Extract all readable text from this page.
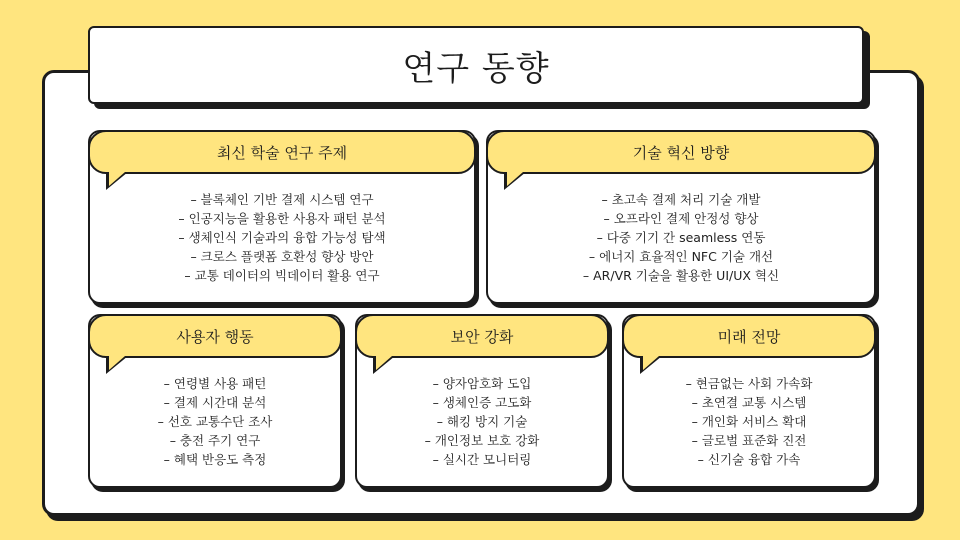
연구 동향
최신 학술 연구 주제
– 블록체인 기반 결제 시스템 연구
– 인공지능을 활용한 사용자 패턴 분석
– 생체인식 기술과의 융합 가능성 탐색
– 크로스 플랫폼 호환성 향상 방안
– 교통 데이터의 빅데이터 활용 연구
기술 혁신 방향
– 초고속 결제 처리 기술 개발
– 오프라인 결제 안정성 향상
– 다중 기기 간 seamless 연동
– 에너지 효율적인 NFC 기술 개선
– AR/VR 기술을 활용한 UI/UX 혁신
사용자 행동
– 연령별 사용 패턴
– 결제 시간대 분석
– 선호 교통수단 조사
– 충전 주기 연구
– 혜택 반응도 측정
보안 강화
– 양자암호화 도입
– 생체인증 고도화
– 해킹 방지 기술
– 개인정보 보호 강화
– 실시간 모니터링
미래 전망
– 현금없는 사회 가속화
– 초연결 교통 시스템
– 개인화 서비스 확대
– 글로벌 표준화 진전
– 신기술 융합 가속
